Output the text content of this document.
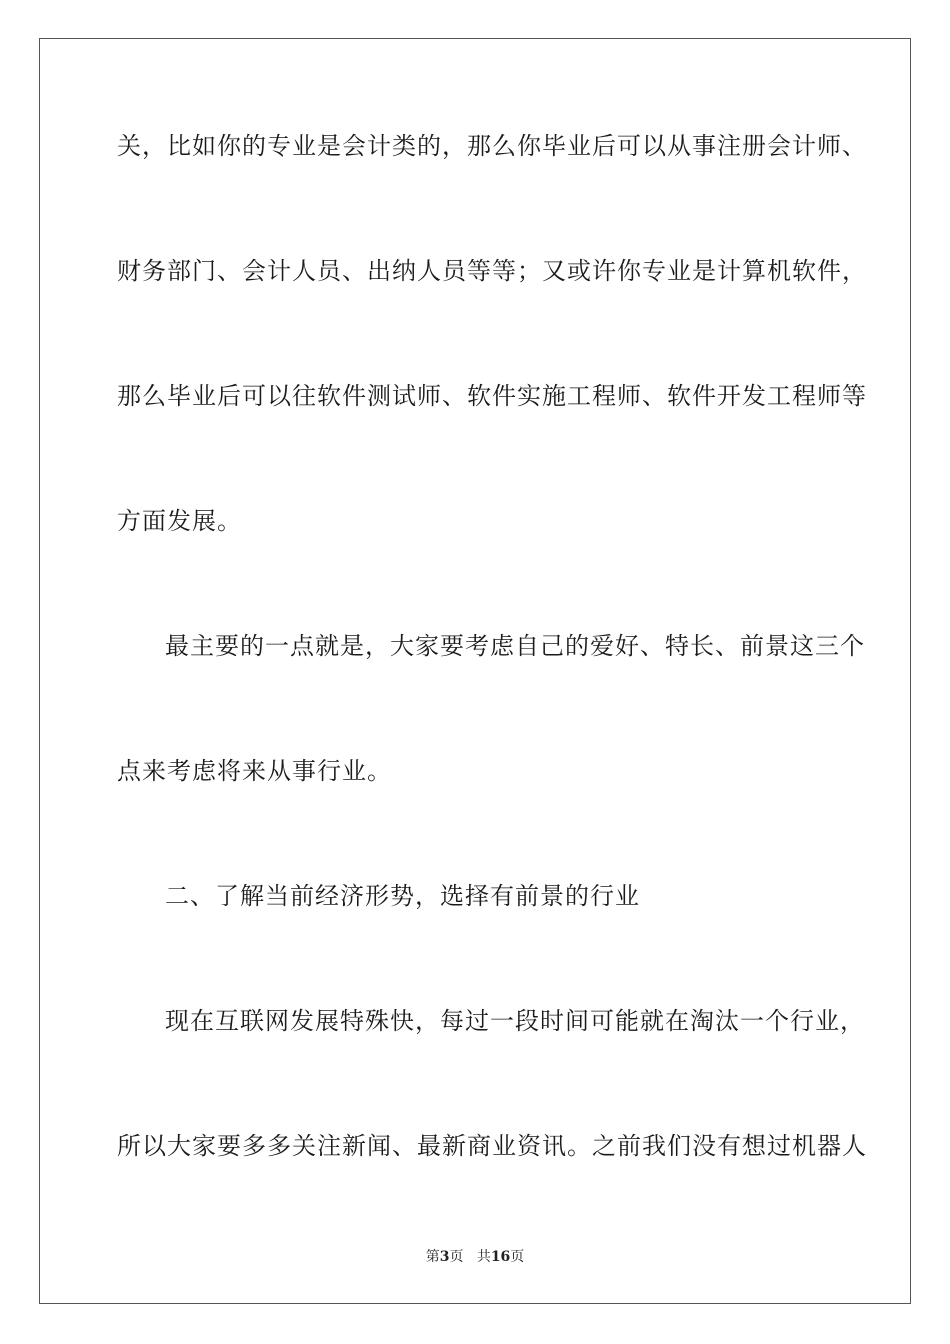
关，比如你的专业是会计类的，那么你毕业后可以从事注册会计师、
财务部门、会计人员、出纳人员等等；又或许你专业是计算机软件，
那么毕业后可以往软件测试师、软件实施工程师、软件开发工程师等
方面发展。
最主要的一点就是，大家要考虑自己的爱好、特长、前景这三个
点来考虑将来从事行业。
二、了解当前经济形势，选择有前景的行业
现在互联网发展特殊快，每过一段时间可能就在淘汰一个行业，
所以大家要多多关注新闻、最新商业资讯。之前我们没有想过机器人
第3页 共16页
